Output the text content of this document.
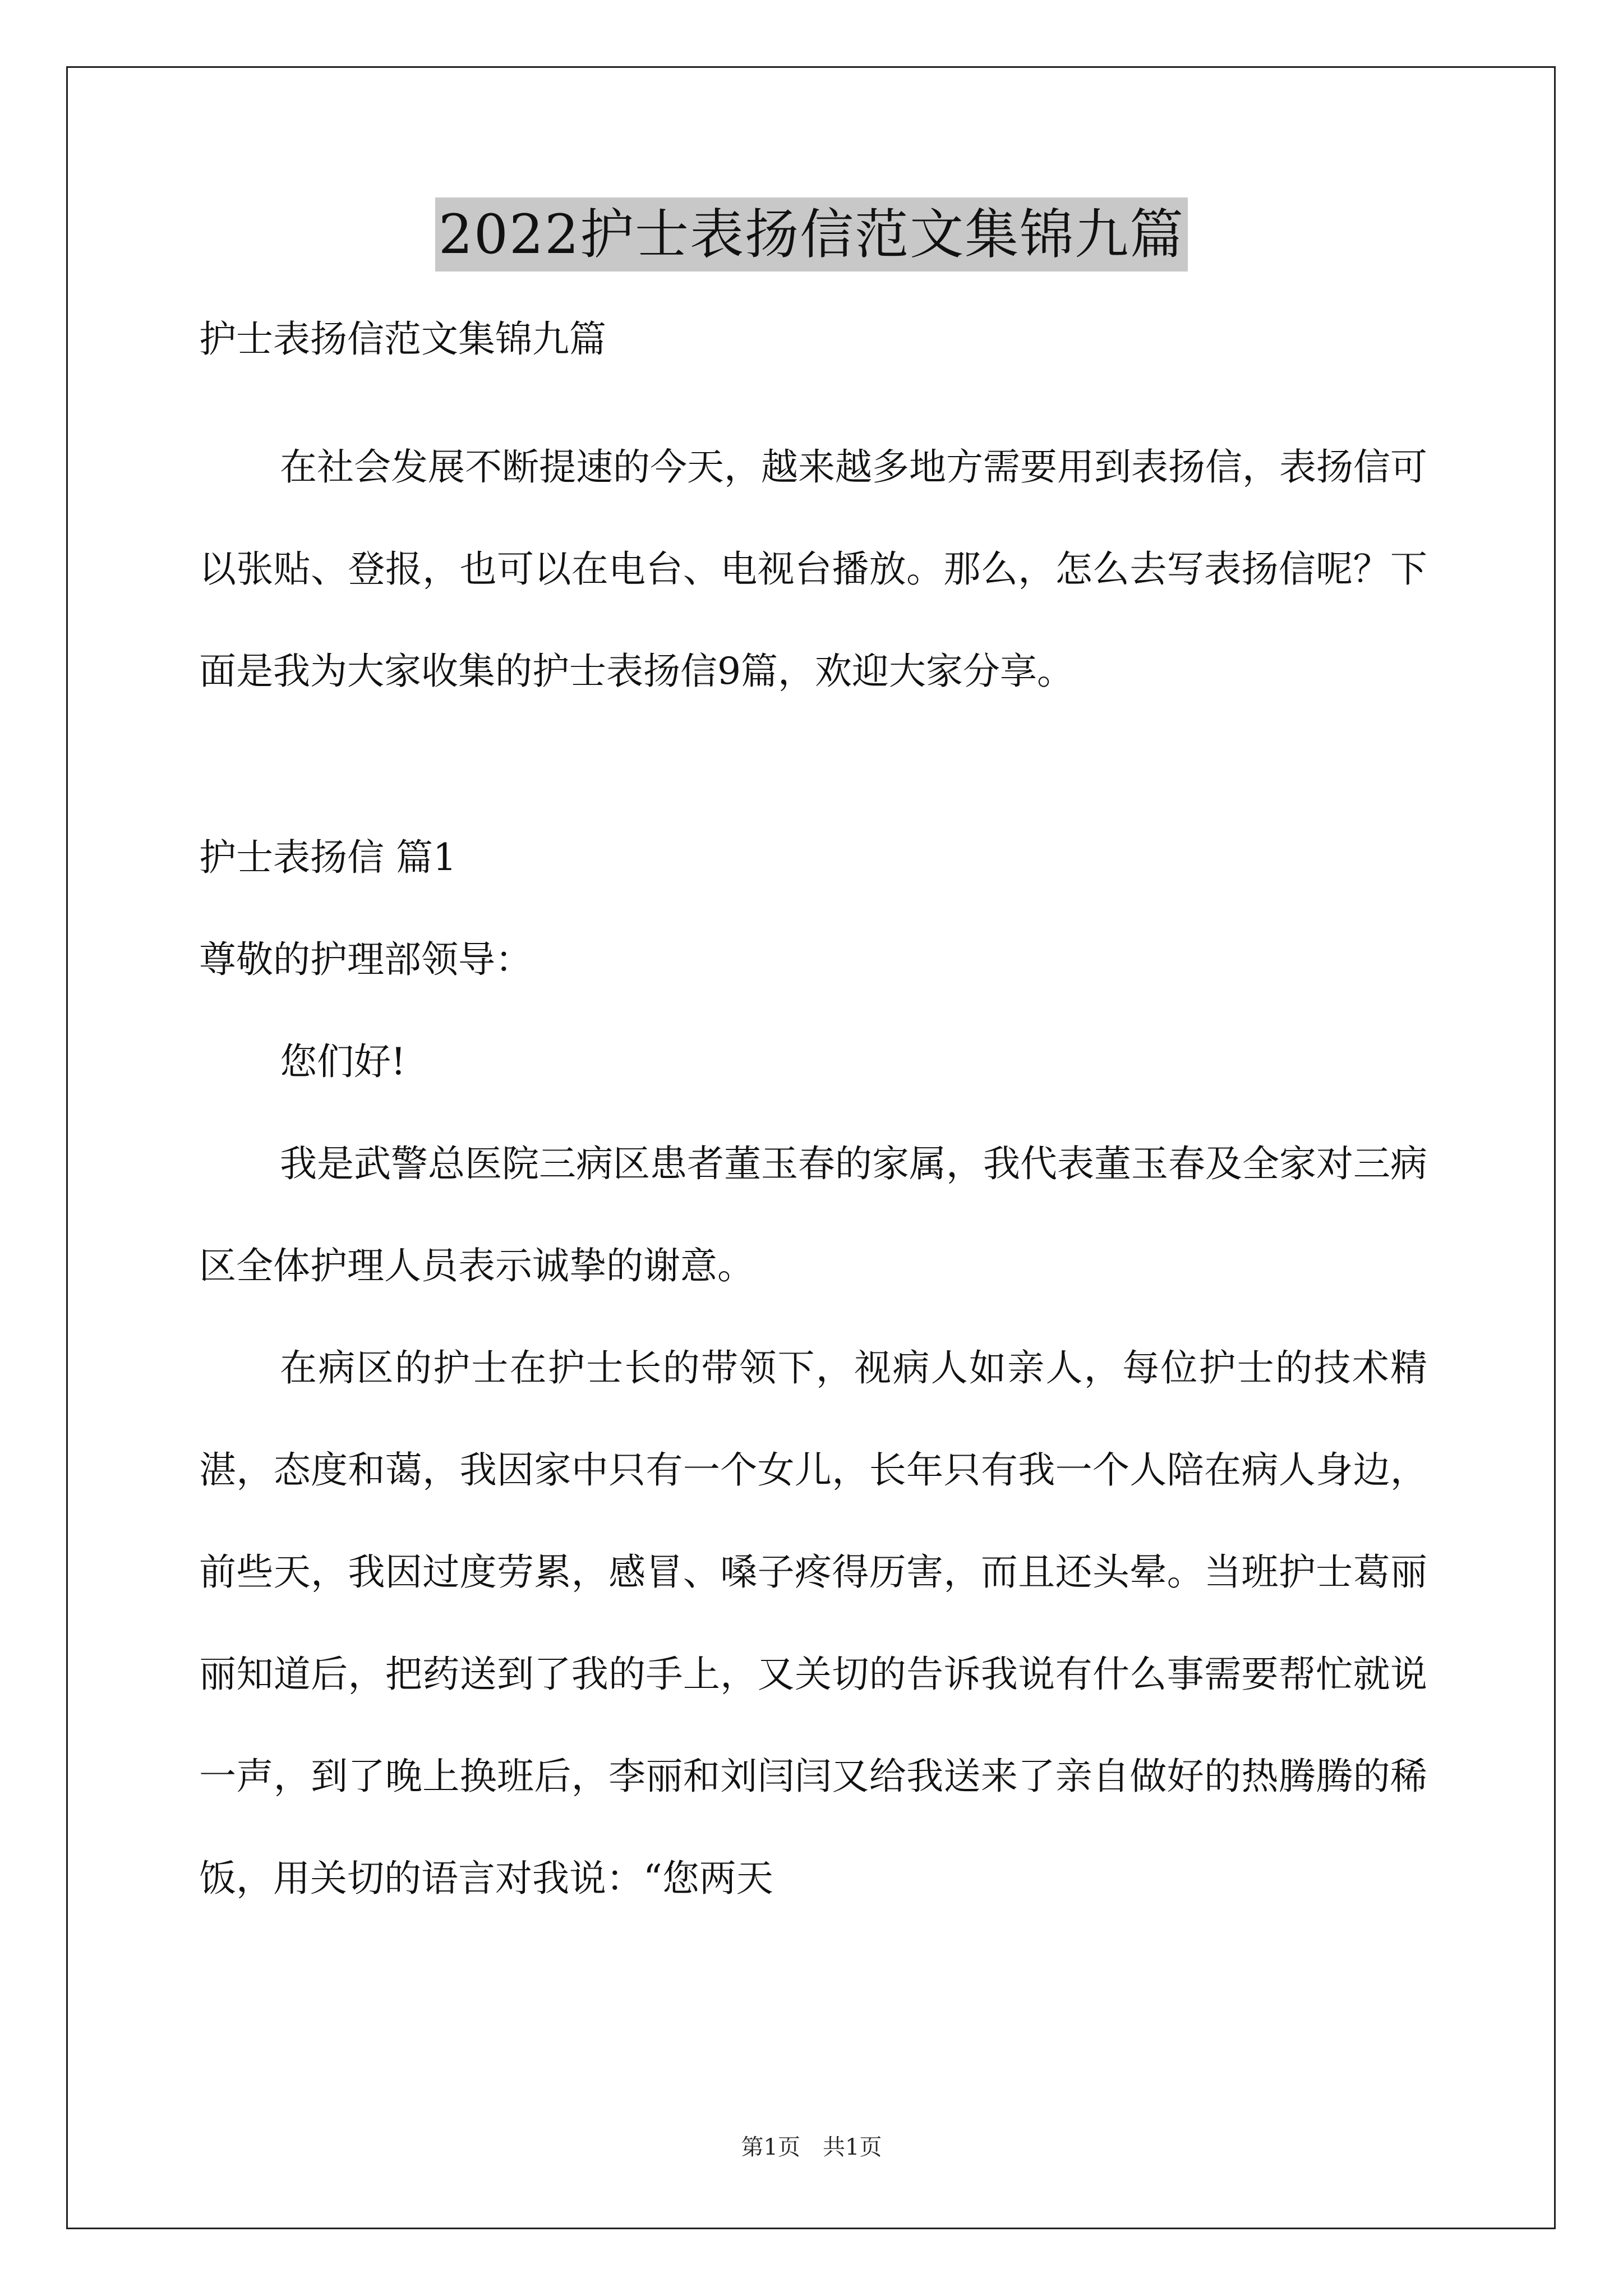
2022护士表扬信范文集锦九篇

护士表扬信范文集锦九篇

在社会发展不断提速的今天，越来越多地方需要用到表扬信，表扬信可以张贴、登报，也可以在电台、电视台播放。那么，怎么去写表扬信呢？下面是我为大家收集的护士表扬信9篇，欢迎大家分享。

护士表扬信 篇1

尊敬的护理部领导：

您们好!

我是武警总医院三病区患者董玉春的家属，我代表董玉春及全家对三病区全体护理人员表示诚挚的谢意。

在病区的护士在护士长的带领下，视病人如亲人，每位护士的技术精湛，态度和蔼，我因家中只有一个女儿，长年只有我一个人陪在病人身边，前些天，我因过度劳累，感冒、嗓子疼得历害，而且还头晕。当班护士葛丽丽知道后，把药送到了我的手上，又关切的告诉我说有什么事需要帮忙就说一声，到了晚上换班后，李丽和刘闫闫又给我送来了亲自做好的热腾腾的稀饭，用关切的语言对我说：“您两天

第1页　共1页
